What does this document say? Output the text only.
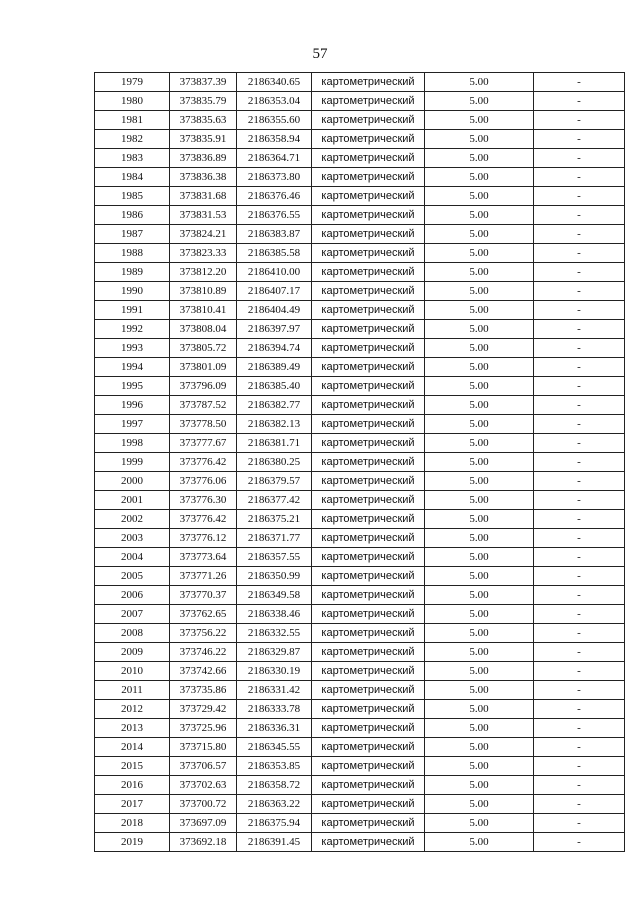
57
1979	373837.39	2186340.65	картометрический	5.00	-
1980	373835.79	2186353.04	картометрический	5.00	-
1981	373835.63	2186355.60	картометрический	5.00	-
1982	373835.91	2186358.94	картометрический	5.00	-
1983	373836.89	2186364.71	картометрический	5.00	-
1984	373836.38	2186373.80	картометрический	5.00	-
1985	373831.68	2186376.46	картометрический	5.00	-
1986	373831.53	2186376.55	картометрический	5.00	-
1987	373824.21	2186383.87	картометрический	5.00	-
1988	373823.33	2186385.58	картометрический	5.00	-
1989	373812.20	2186410.00	картометрический	5.00	-
1990	373810.89	2186407.17	картометрический	5.00	-
1991	373810.41	2186404.49	картометрический	5.00	-
1992	373808.04	2186397.97	картометрический	5.00	-
1993	373805.72	2186394.74	картометрический	5.00	-
1994	373801.09	2186389.49	картометрический	5.00	-
1995	373796.09	2186385.40	картометрический	5.00	-
1996	373787.52	2186382.77	картометрический	5.00	-
1997	373778.50	2186382.13	картометрический	5.00	-
1998	373777.67	2186381.71	картометрический	5.00	-
1999	373776.42	2186380.25	картометрический	5.00	-
2000	373776.06	2186379.57	картометрический	5.00	-
2001	373776.30	2186377.42	картометрический	5.00	-
2002	373776.42	2186375.21	картометрический	5.00	-
2003	373776.12	2186371.77	картометрический	5.00	-
2004	373773.64	2186357.55	картометрический	5.00	-
2005	373771.26	2186350.99	картометрический	5.00	-
2006	373770.37	2186349.58	картометрический	5.00	-
2007	373762.65	2186338.46	картометрический	5.00	-
2008	373756.22	2186332.55	картометрический	5.00	-
2009	373746.22	2186329.87	картометрический	5.00	-
2010	373742.66	2186330.19	картометрический	5.00	-
2011	373735.86	2186331.42	картометрический	5.00	-
2012	373729.42	2186333.78	картометрический	5.00	-
2013	373725.96	2186336.31	картометрический	5.00	-
2014	373715.80	2186345.55	картометрический	5.00	-
2015	373706.57	2186353.85	картометрический	5.00	-
2016	373702.63	2186358.72	картометрический	5.00	-
2017	373700.72	2186363.22	картометрический	5.00	-
2018	373697.09	2186375.94	картометрический	5.00	-
2019	373692.18	2186391.45	картометрический	5.00	-
